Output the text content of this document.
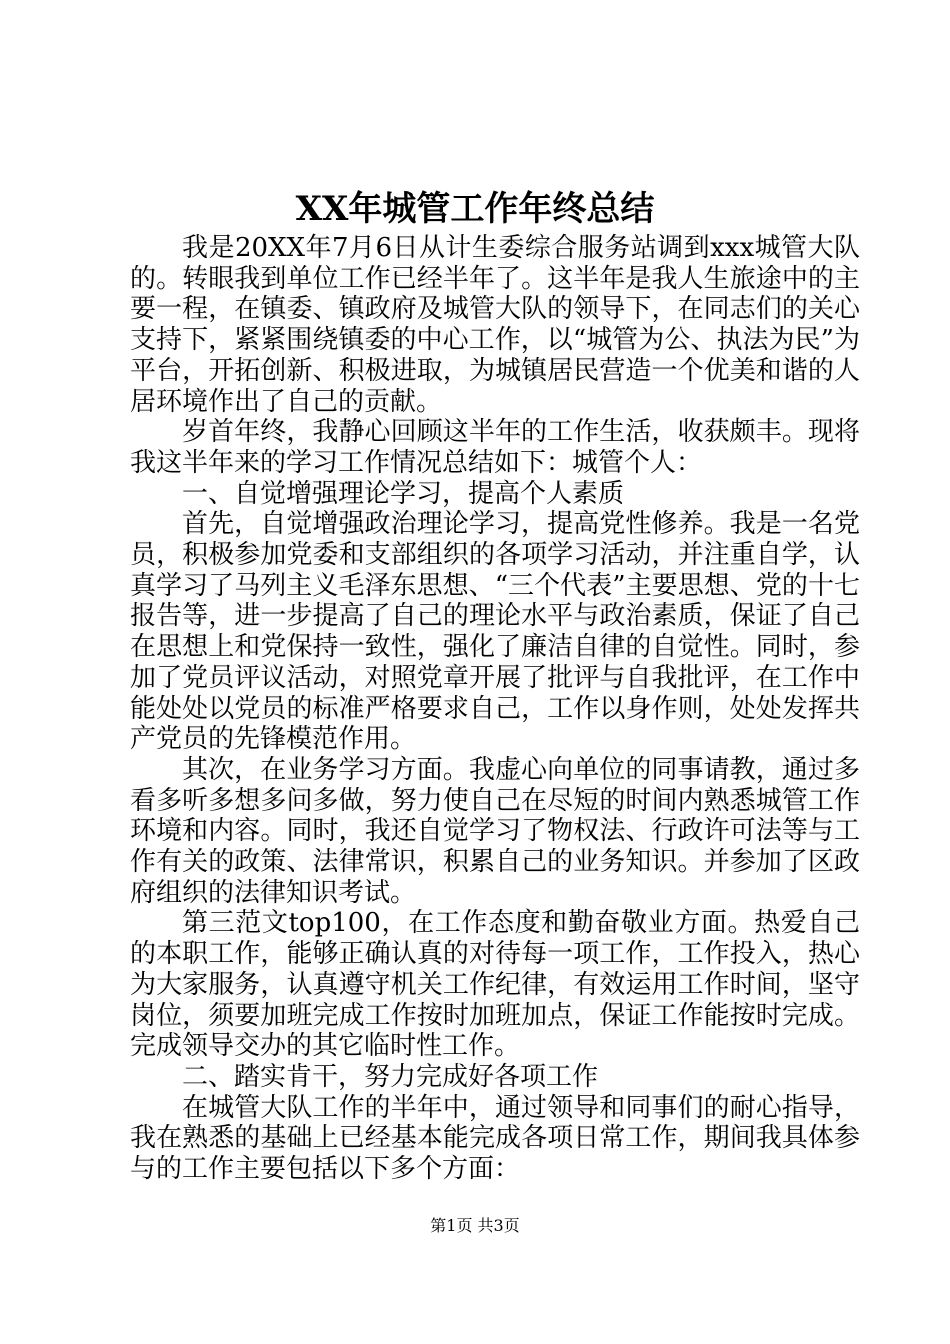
XX年城管工作年终总结

我是20XX年7月6日从计生委综合服务站调到xxx城管大队的。转眼我到单位工作已经半年了。这半年是我人生旅途中的主要一程，在镇委、镇政府及城管大队的领导下，在同志们的关心支持下，紧紧围绕镇委的中心工作，以“城管为公、执法为民”为平台，开拓创新、积极进取，为城镇居民营造一个优美和谐的人居环境作出了自己的贡献。

岁首年终，我静心回顾这半年的工作生活，收获颇丰。现将我这半年来的学习工作情况总结如下：城管个人：

一、自觉增强理论学习，提高个人素质

首先，自觉增强政治理论学习，提高党性修养。我是一名党员，积极参加党委和支部组织的各项学习活动，并注重自学，认真学习了马列主义毛泽东思想、“三个代表”主要思想、党的十七报告等，进一步提高了自己的理论水平与政治素质，保证了自己在思想上和党保持一致性，强化了廉洁自律的自觉性。同时，参加了党员评议活动，对照党章开展了批评与自我批评，在工作中能处处以党员的标准严格要求自己，工作以身作则，处处发挥共产党员的先锋模范作用。

其次，在业务学习方面。我虚心向单位的同事请教，通过多看多听多想多问多做，努力使自己在尽短的时间内熟悉城管工作环境和内容。同时，我还自觉学习了物权法、行政许可法等与工作有关的政策、法律常识，积累自己的业务知识。并参加了区政府组织的法律知识考试。

第三范文top100，在工作态度和勤奋敬业方面。热爱自己的本职工作，能够正确认真的对待每一项工作，工作投入，热心为大家服务，认真遵守机关工作纪律，有效运用工作时间，坚守岗位，须要加班完成工作按时加班加点，保证工作能按时完成。完成领导交办的其它临时性工作。

二、踏实肯干，努力完成好各项工作

在城管大队工作的半年中，通过领导和同事们的耐心指导，我在熟悉的基础上已经基本能完成各项日常工作，期间我具体参与的工作主要包括以下多个方面：

第1页 共3页
